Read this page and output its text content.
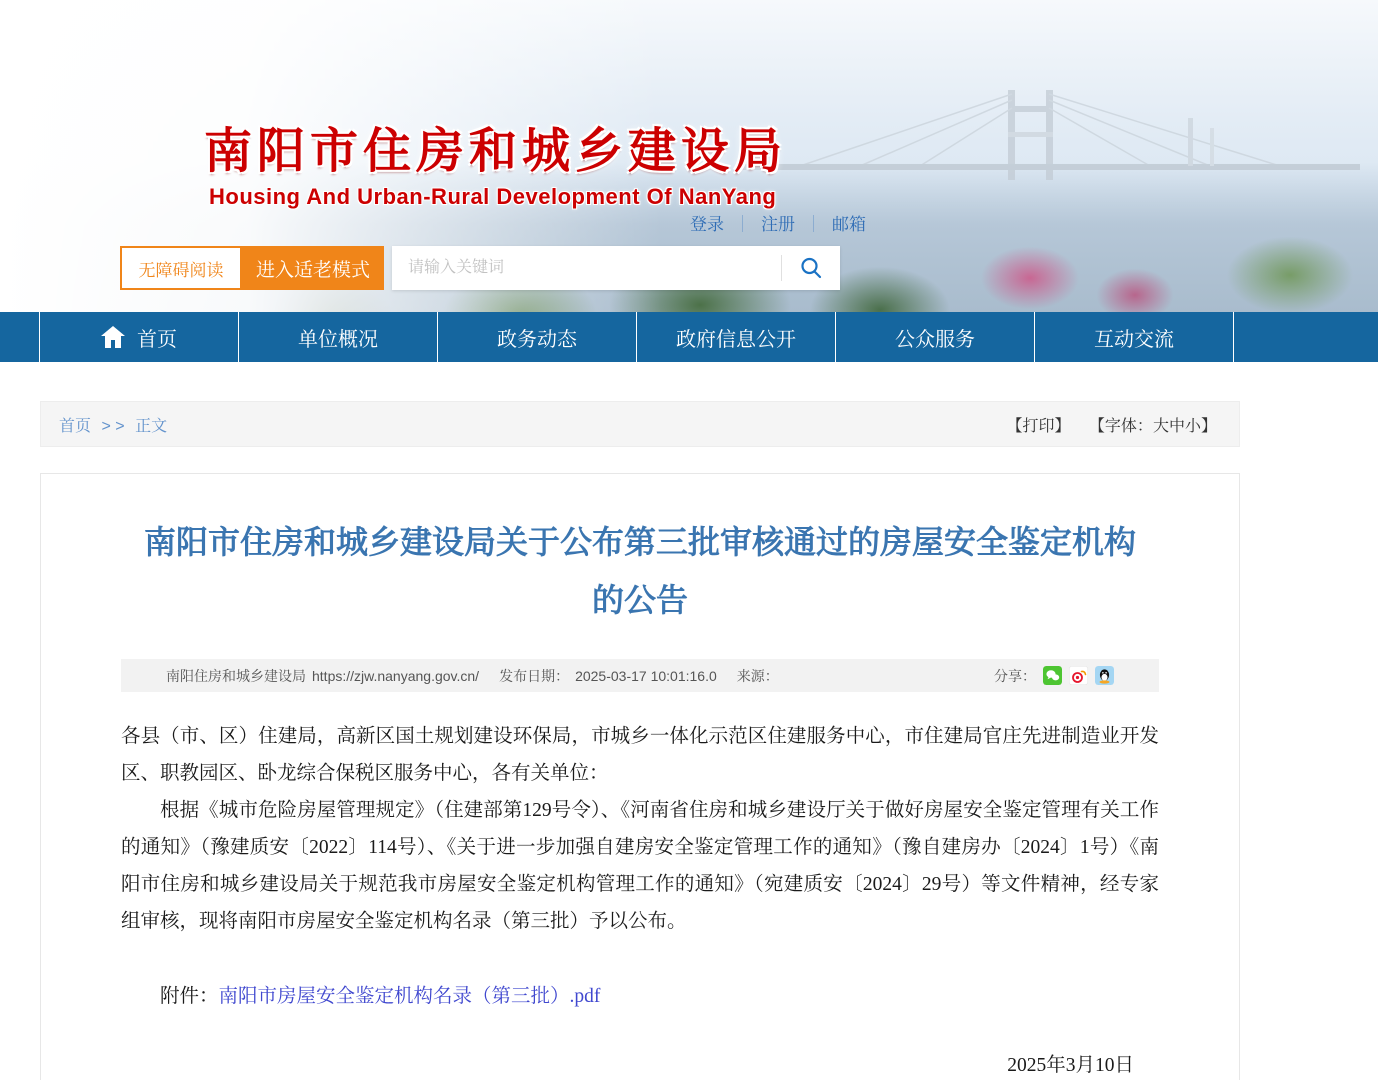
南阳市住房和城乡建设局
Housing And Urban-Rural Development Of NanYang
登录 ｜ 注册 ｜ 邮箱
无障碍阅读	进入适老模式
请输入关键词
首页	单位概况	政务动态	政府信息公开	公众服务	互动交流
首页 > > 正文	【打印】 【字体：大中小】
南阳市住房和城乡建设局关于公布第三批审核通过的房屋安全鉴定机构的公告
南阳住房和城乡建设局 https://zjw.nanyang.gov.cn/ 发布日期： 2025-03-17 10:01:16.0 来源：	分享：

各县（市、区）住建局，高新区国土规划建设环保局，市城乡一体化示范区住建服务中心，市住建局官庄先进制造业开发区、职教园区、卧龙综合保税区服务中心，各有关单位：

根据《城市危险房屋管理规定》（住建部第129号令）、《河南省住房和城乡建设厅关于做好房屋安全鉴定管理有关工作的通知》（豫建质安〔2022〕114号）、《关于进一步加强自建房安全鉴定管理工作的通知》（豫自建房办〔2024〕1号）《南阳市住房和城乡建设局关于规范我市房屋安全鉴定机构管理工作的通知》（宛建质安〔2024〕29号）等文件精神，经专家组审核，现将南阳市房屋安全鉴定机构名录（第三批）予以公布。

附件：南阳市房屋安全鉴定机构名录（第三批）.pdf

2025年3月10日
